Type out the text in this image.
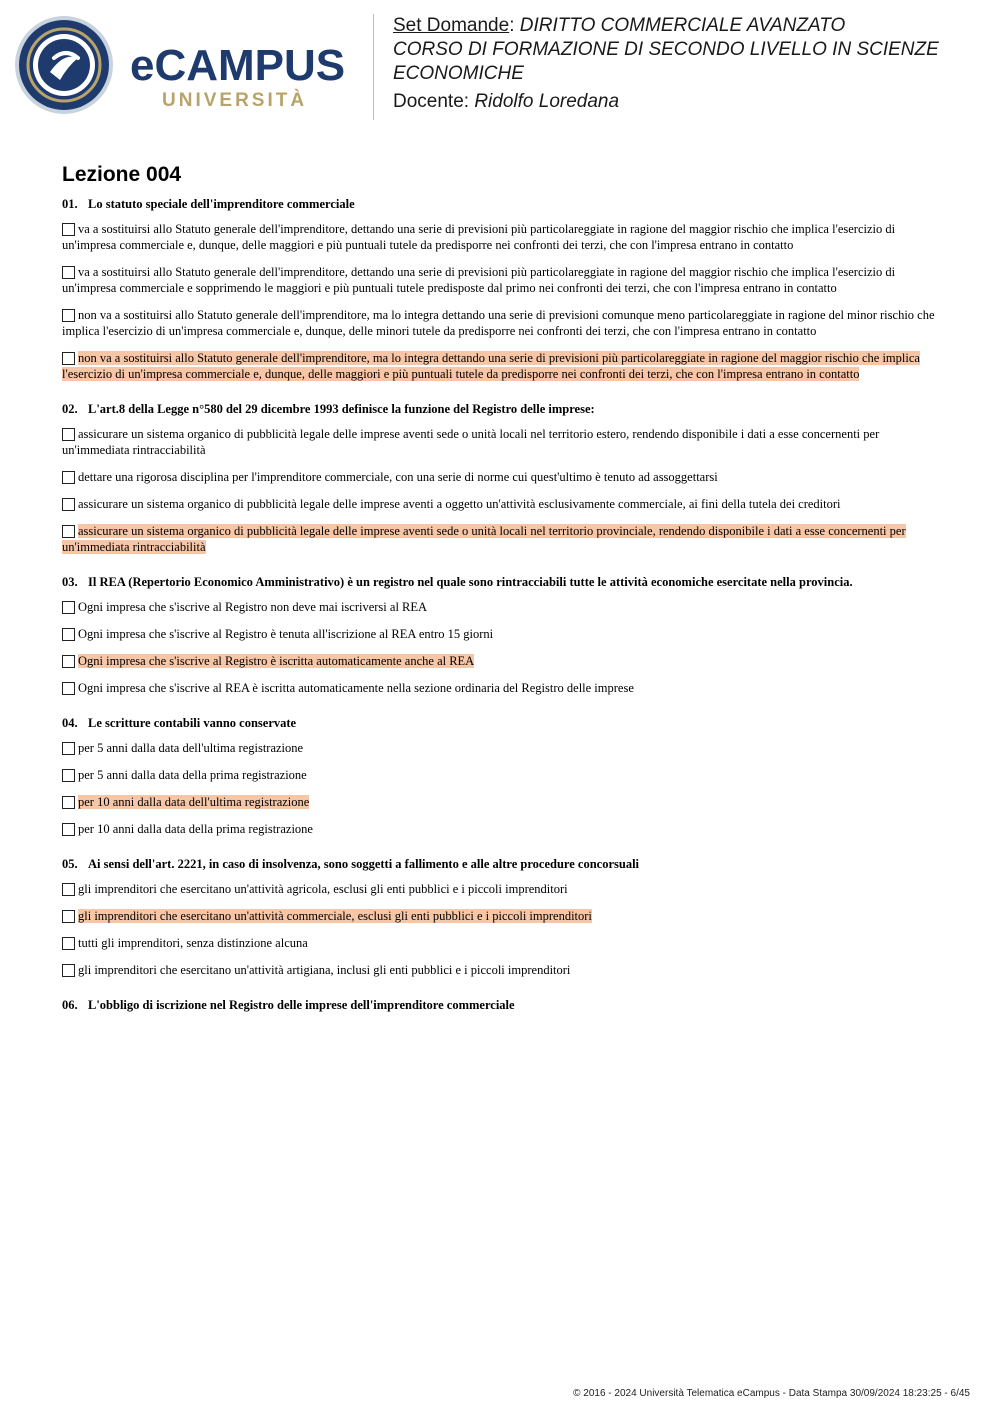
eCAMPUS
UNIVERSITÀ

Set Domande: DIRITTO COMMERCIALE AVANZATO

CORSO DI FORMAZIONE DI SECONDO LIVELLO IN SCIENZE ECONOMICHE

Docente: Ridolfo Loredana

Lezione 004

01. Lo statuto speciale dell'imprenditore commerciale

va a sostituirsi allo Statuto generale dell'imprenditore, dettando una serie di previsioni più particolareggiate in ragione del maggior rischio che implica l'esercizio di un'impresa commerciale e, dunque, delle maggiori e più puntuali tutele da predisporre nei confronti dei terzi, che con l'impresa entrano in contatto

va a sostituirsi allo Statuto generale dell'imprenditore, dettando una serie di previsioni più particolareggiate in ragione del maggior rischio che implica l'esercizio di un'impresa commerciale e sopprimendo le maggiori e più puntuali tutele predisposte dal primo nei confronti dei terzi, che con l'impresa entrano in contatto

non va a sostituirsi allo Statuto generale dell'imprenditore, ma lo integra dettando una serie di previsioni comunque meno particolareggiate in ragione del minor rischio che implica l'esercizio di un'impresa commerciale e, dunque, delle minori tutele da predisporre nei confronti dei terzi, che con l'impresa entrano in contatto

non va a sostituirsi allo Statuto generale dell'imprenditore, ma lo integra dettando una serie di previsioni più particolareggiate in ragione del maggior rischio che implica l'esercizio di un'impresa commerciale e, dunque, delle maggiori e più puntuali tutele da predisporre nei confronti dei terzi, che con l'impresa entrano in contatto

02. L'art.8 della Legge n°580 del 29 dicembre 1993 definisce la funzione del Registro delle imprese:

assicurare un sistema organico di pubblicità legale delle imprese aventi sede o unità locali nel territorio estero, rendendo disponibile i dati a esse concernenti per un'immediata rintracciabilità

dettare una rigorosa disciplina per l'imprenditore commerciale, con una serie di norme cui quest'ultimo è tenuto ad assoggettarsi

assicurare un sistema organico di pubblicità legale delle imprese aventi a oggetto un'attività esclusivamente commerciale, ai fini della tutela dei creditori

assicurare un sistema organico di pubblicità legale delle imprese aventi sede o unità locali nel territorio provinciale, rendendo disponibile i dati a esse concernenti per un'immediata rintracciabilità

03. Il REA (Repertorio Economico Amministrativo) è un registro nel quale sono rintracciabili tutte le attività economiche esercitate nella provincia.

Ogni impresa che s'iscrive al Registro non deve mai iscriversi al REA

Ogni impresa che s'iscrive al Registro è tenuta all'iscrizione al REA entro 15 giorni

Ogni impresa che s'iscrive al Registro è iscritta automaticamente anche al REA

Ogni impresa che s'iscrive al REA è iscritta automaticamente nella sezione ordinaria del Registro delle imprese

04. Le scritture contabili vanno conservate

per 5 anni dalla data dell'ultima registrazione

per 5 anni dalla data della prima registrazione

per 10 anni dalla data dell'ultima registrazione

per 10 anni dalla data della prima registrazione

05. Ai sensi dell'art. 2221, in caso di insolvenza, sono soggetti a fallimento e alle altre procedure concorsuali

gli imprenditori che esercitano un'attività agricola, esclusi gli enti pubblici e i piccoli imprenditori

gli imprenditori che esercitano un'attività commerciale, esclusi gli enti pubblici e i piccoli imprenditori

tutti gli imprenditori, senza distinzione alcuna

gli imprenditori che esercitano un'attività artigiana, inclusi gli enti pubblici e i piccoli imprenditori

06. L'obbligo di iscrizione nel Registro delle imprese dell'imprenditore commerciale

© 2016 - 2024 Università Telematica eCampus - Data Stampa 30/09/2024 18:23:25 - 6/45
